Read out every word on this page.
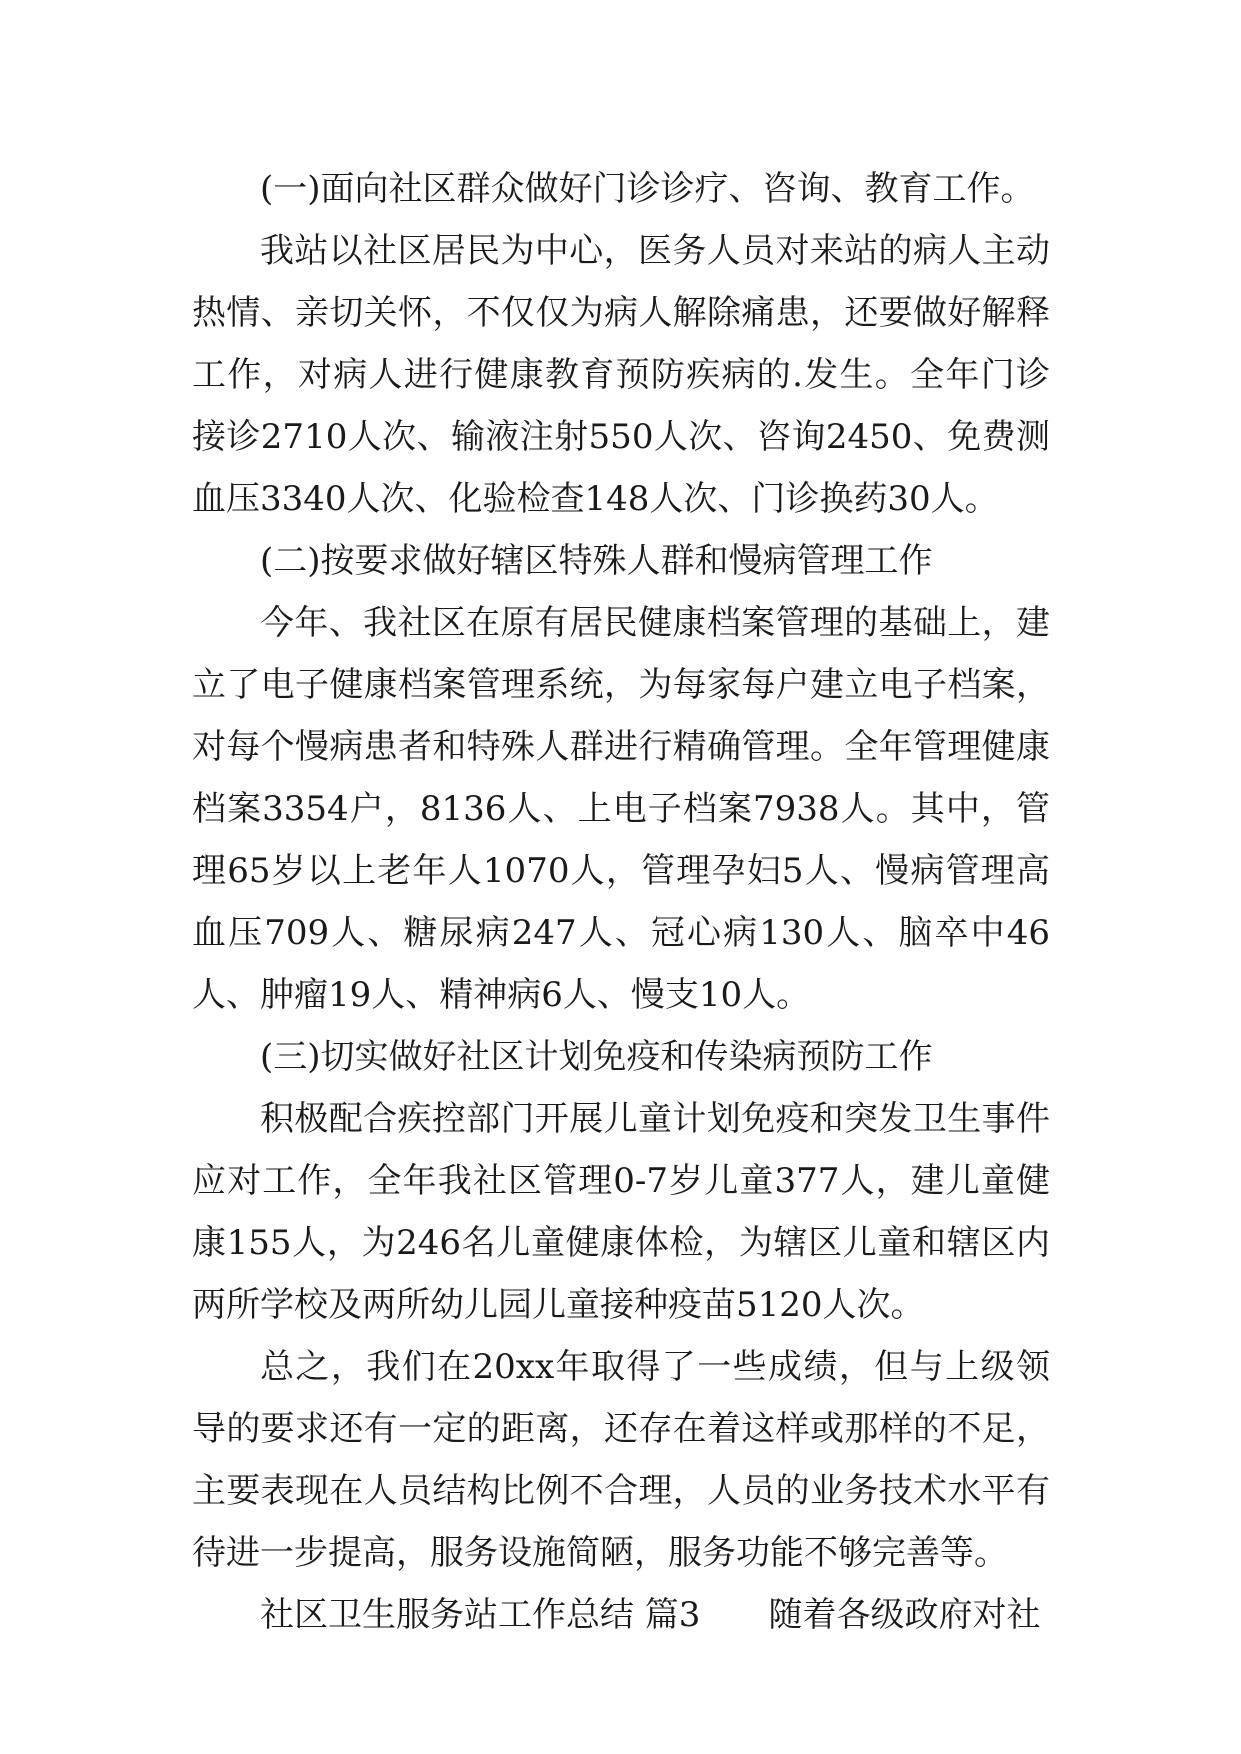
(一)面向社区群众做好门诊诊疗、咨询、教育工作。

我站以社区居民为中心，医务人员对来站的病人主动热情、亲切关怀，不仅仅为病人解除痛患，还要做好解释工作，对病人进行健康教育预防疾病的.发生。全年门诊接诊2710人次、输液注射550人次、咨询2450、免费测血压3340人次、化验检查148人次、门诊换药30人。

(二)按要求做好辖区特殊人群和慢病管理工作

今年、我社区在原有居民健康档案管理的基础上，建立了电子健康档案管理系统，为每家每户建立电子档案，对每个慢病患者和特殊人群进行精确管理。全年管理健康档案3354户，8136人、上电子档案7938人。其中，管理65岁以上老年人1070人，管理孕妇5人、慢病管理高血压709人、糖尿病247人、冠心病130人、脑卒中46人、肿瘤19人、精神病6人、慢支10人。

(三)切实做好社区计划免疫和传染病预防工作

积极配合疾控部门开展儿童计划免疫和突发卫生事件应对工作，全年我社区管理0-7岁儿童377人，建儿童健康155人，为246名儿童健康体检，为辖区儿童和辖区内两所学校及两所幼儿园儿童接种疫苗5120人次。

总之，我们在20xx年取得了一些成绩，但与上级领导的要求还有一定的距离，还存在着这样或那样的不足，主要表现在人员结构比例不合理，人员的业务技术水平有待进一步提高，服务设施简陋，服务功能不够完善等。

社区卫生服务站工作总结 篇3 随着各级政府对社
